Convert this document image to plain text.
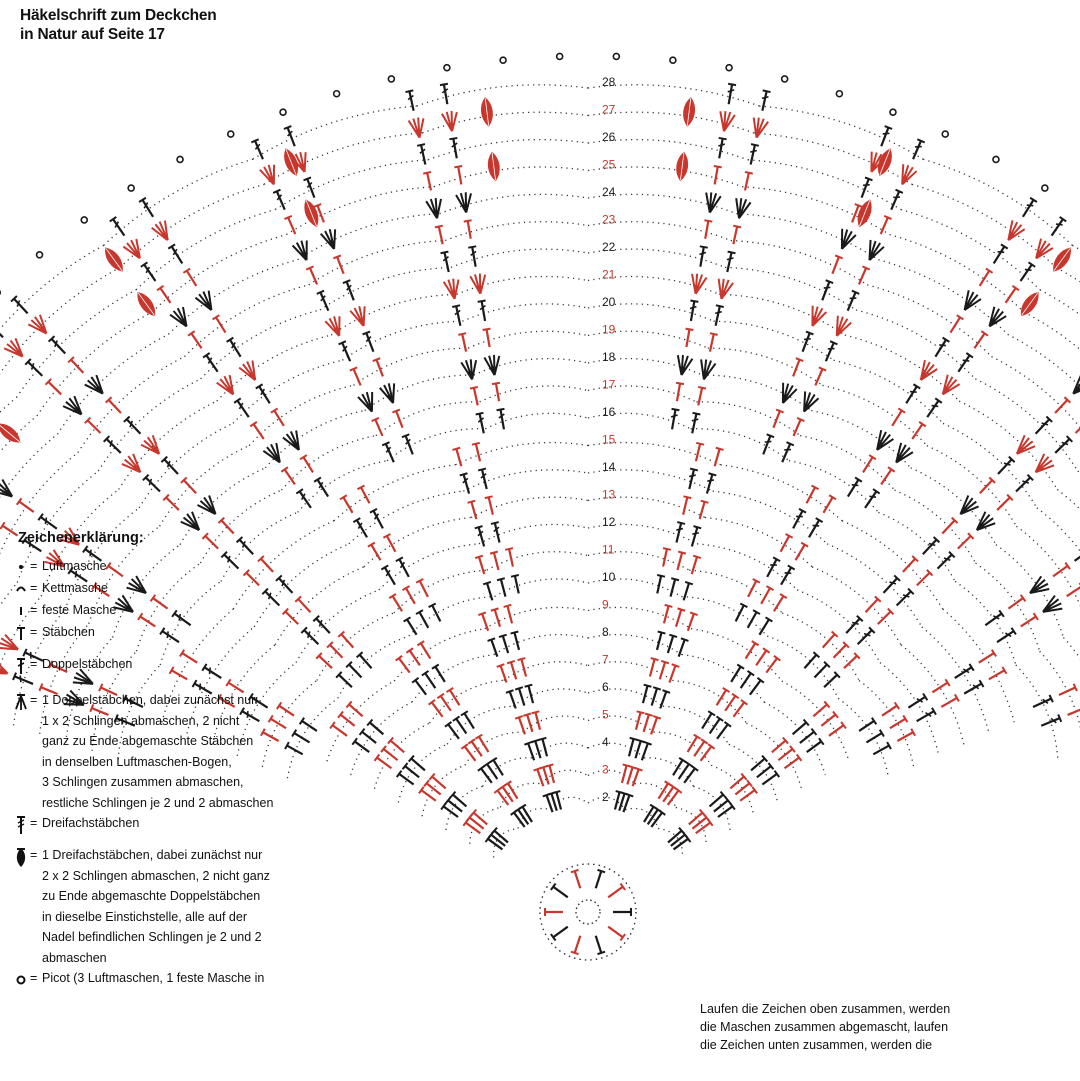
Häkelschrift zum Deckchen
in Natur auf Seite 17
2
3
4
5
6
7
8
9
10
11
12
13
14
15
16
17
18
19
20
21
22
23
24
25
26
27
28
Zeichenerklärung:
= Luftmasche
= Kettmasche
= feste Masche
= Stäbchen
= Doppelstäbchen
= 1 Doppelstäbchen, dabei zunächst nur
1 x 2 Schlingen abmaschen, 2 nicht
ganz zu Ende abgemaschte Stäbchen
in denselben Luftmaschen-Bogen,
3 Schlingen zusammen abmaschen,
restliche Schlingen je 2 und 2 abmaschen
= Dreifachstäbchen
= 1 Dreifachstäbchen, dabei zunächst nur
2 x 2 Schlingen abmaschen, 2 nicht ganz
zu Ende abgemaschte Doppelstäbchen
in dieselbe Einstichstelle, alle auf der
Nadel befindlichen Schlingen je 2 und 2
abmaschen
= Picot (3 Luftmaschen, 1 feste Masche in
Laufen die Zeichen oben zusammen, werden
die Maschen zusammen abgemascht, laufen
die Zeichen unten zusammen, werden die
